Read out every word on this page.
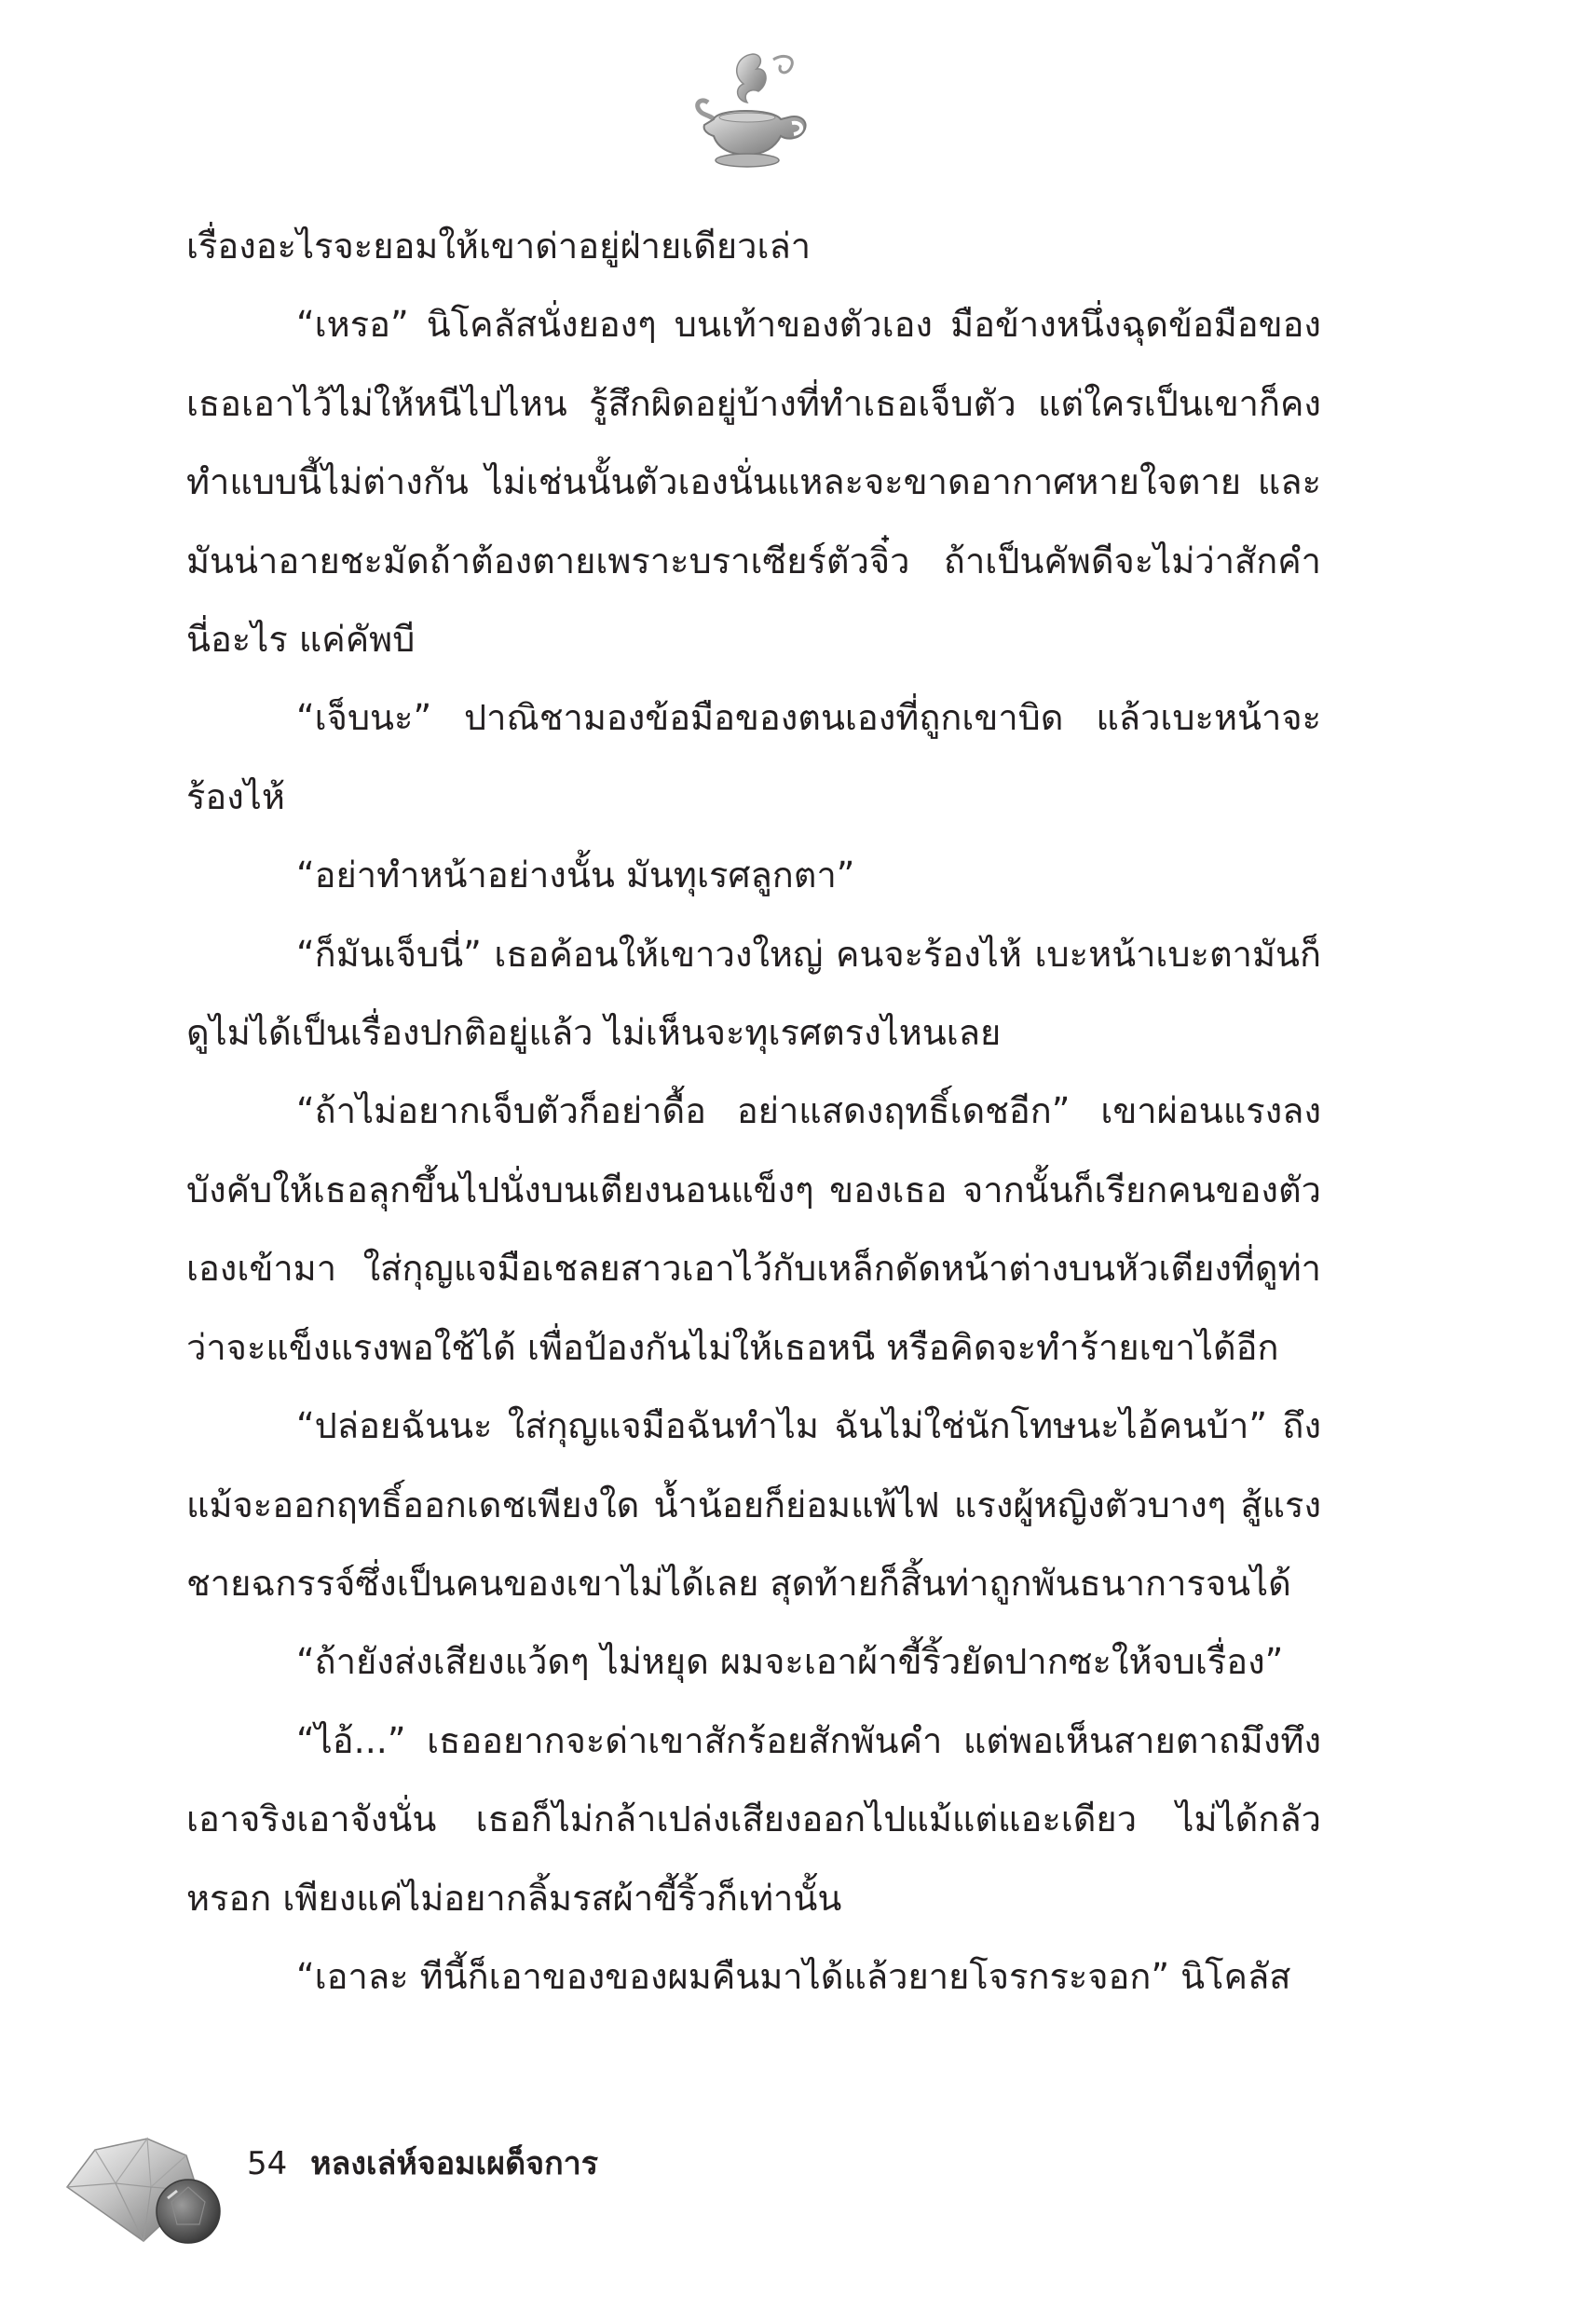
เรื่องอะไรจะยอมให้เขาด่าอยู่ฝ่ายเดียวเล่า

“เหรอ” นิโคลัสนั่งยองๆ บนเท้าของตัวเอง มือข้างหนึ่งฉุดข้อมือของเธอเอาไว้ไม่ให้หนีไปไหน รู้สึกผิดอยู่บ้างที่ทำเธอเจ็บตัว แต่ใครเป็นเขาก็คงทำแบบนี้ไม่ต่างกัน ไม่เช่นนั้นตัวเองนั่นแหละจะขาดอากาศหายใจตาย และมันน่าอายชะมัดถ้าต้องตายเพราะบราเซียร์ตัวจิ๋ว ถ้าเป็นคัพดีจะไม่ว่าสักคำ นี่อะไร แค่คัพบี

“เจ็บนะ” ปาณิชามองข้อมือของตนเองที่ถูกเขาบิด แล้วเบะหน้าจะร้องไห้

“อย่าทำหน้าอย่างนั้น มันทุเรศลูกตา”

“ก็มันเจ็บนี่” เธอค้อนให้เขาวงใหญ่ คนจะร้องไห้ เบะหน้าเบะตามันก็ดูไม่ได้เป็นเรื่องปกติอยู่แล้ว ไม่เห็นจะทุเรศตรงไหนเลย

“ถ้าไม่อยากเจ็บตัวก็อย่าดื้อ อย่าแสดงฤทธิ์เดชอีก” เขาผ่อนแรงลง บังคับให้เธอลุกขึ้นไปนั่งบนเตียงนอนแข็งๆ ของเธอ จากนั้นก็เรียกคนของตัวเองเข้ามา ใส่กุญแจมือเชลยสาวเอาไว้กับเหล็กดัดหน้าต่างบนหัวเตียงที่ดูท่าว่าจะแข็งแรงพอใช้ได้ เพื่อป้องกันไม่ให้เธอหนี หรือคิดจะทำร้ายเขาได้อีก

“ปล่อยฉันนะ ใส่กุญแจมือฉันทำไม ฉันไม่ใช่นักโทษนะไอ้คนบ้า” ถึงแม้จะออกฤทธิ์ออกเดชเพียงใด น้ำน้อยก็ย่อมแพ้ไฟ แรงผู้หญิงตัวบางๆ สู้แรงชายฉกรรจ์ซึ่งเป็นคนของเขาไม่ได้เลย สุดท้ายก็สิ้นท่าถูกพันธนาการจนได้

“ถ้ายังส่งเสียงแว้ดๆ ไม่หยุด ผมจะเอาผ้าขี้ริ้วยัดปากซะให้จบเรื่อง”

“ไอ้...” เธออยากจะด่าเขาสักร้อยสักพันคำ แต่พอเห็นสายตาถมึงทึงเอาจริงเอาจังนั่น เธอก็ไม่กล้าเปล่งเสียงออกไปแม้แต่แอะเดียว ไม่ได้กลัวหรอก เพียงแค่ไม่อยากลิ้มรสผ้าขี้ริ้วก็เท่านั้น

“เอาละ ทีนี้ก็เอาของของผมคืนมาได้แล้วยายโจรกระจอก” นิโคลัส

54 หลงเล่ห์จอมเผด็จการ
